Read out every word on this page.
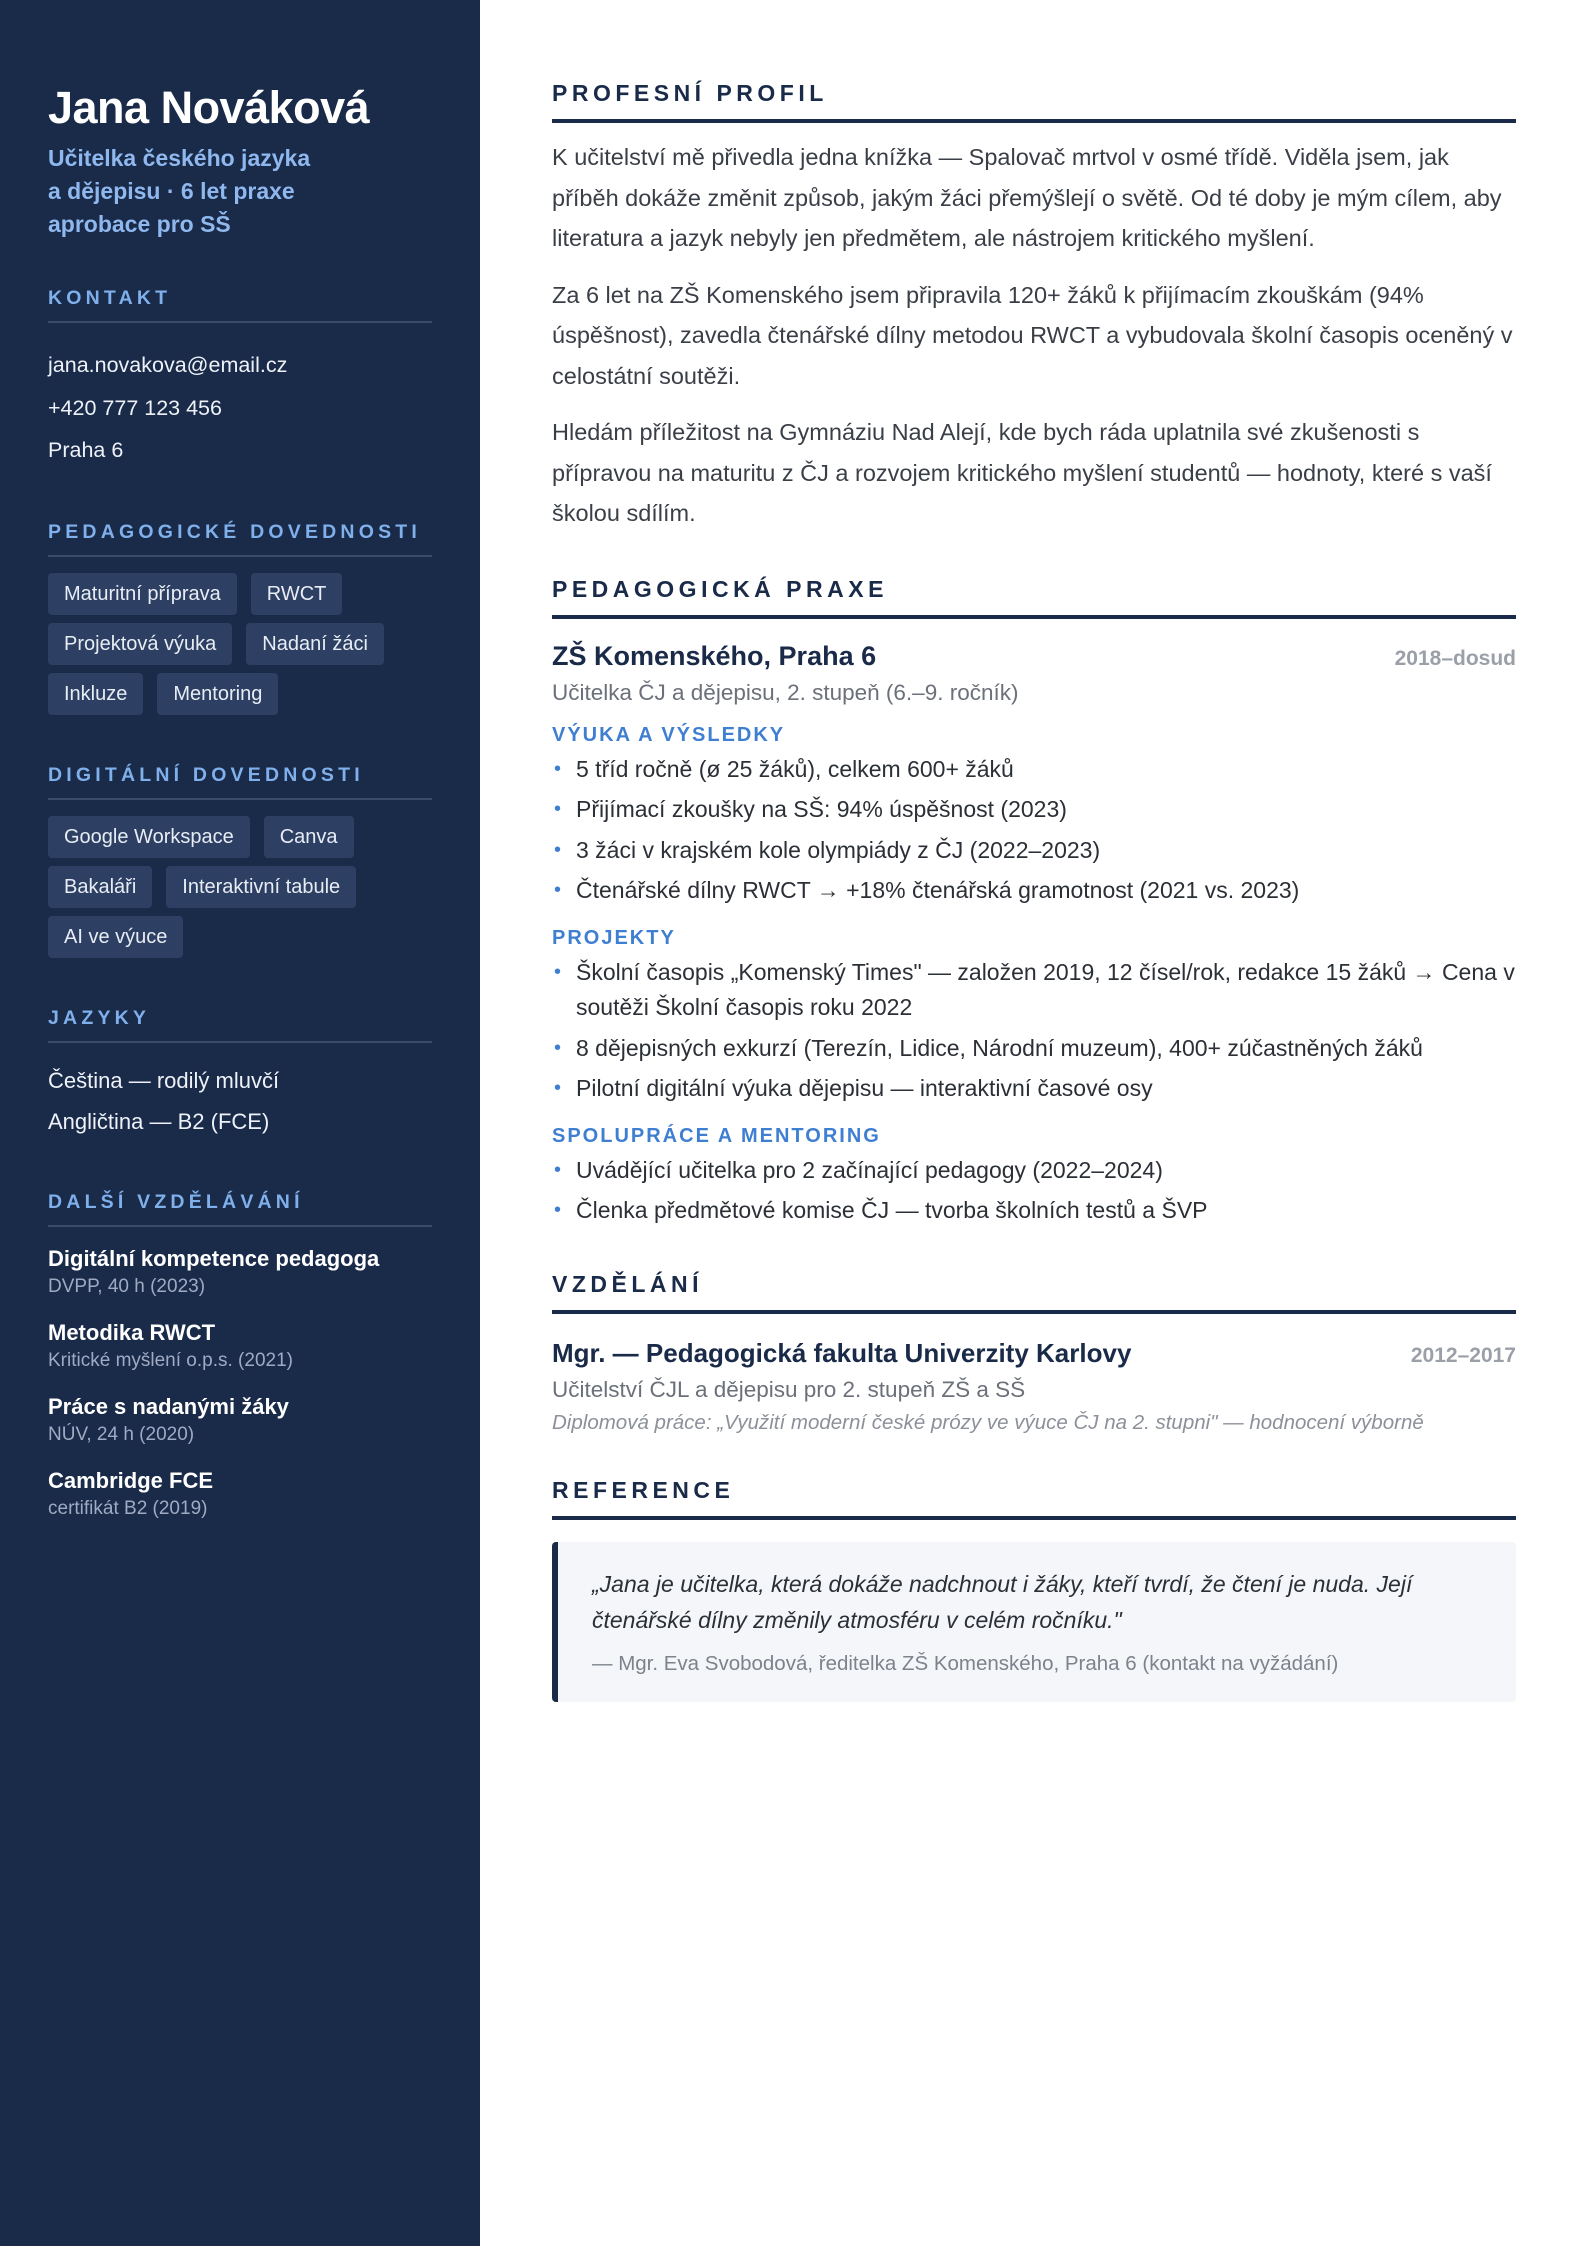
Jana Nováková
Učitelka českého jazyka
a dějepisu · 6 let praxe
aprobace pro SŠ
KONTAKT
jana.novakova@email.cz
+420 777 123 456
Praha 6
PEDAGOGICKÉ DOVEDNOSTI
Maturitní příprava	RWCT
Projektová výuka	Nadaní žáci
Inkluze	Mentoring
DIGITÁLNÍ DOVEDNOSTI
Google Workspace	Canva
Bakaláři	Interaktivní tabule
AI ve výuce
JAZYKY
Čeština — rodilý mluvčí
Angličtina — B2 (FCE)
DALŠÍ VZDĚLÁVÁNÍ
Digitální kompetence pedagoga
DVPP, 40 h (2023)
Metodika RWCT
Kritické myšlení o.p.s. (2021)
Práce s nadanými žáky
NÚV, 24 h (2020)
Cambridge FCE
certifikát B2 (2019)
PROFESNÍ PROFIL

K učitelství mě přivedla jedna knížka — Spalovač mrtvol v osmé třídě. Viděla jsem, jak příběh dokáže změnit způsob, jakým žáci přemýšlejí o světě. Od té doby je mým cílem, aby literatura a jazyk nebyly jen předmětem, ale nástrojem kritického myšlení.

Za 6 let na ZŠ Komenského jsem připravila 120+ žáků k přijímacím zkouškám (94% úspěšnost), zavedla čtenářské dílny metodou RWCT a vybudovala školní časopis oceněný v celostátní soutěži.

Hledám příležitost na Gymnáziu Nad Alejí, kde bych ráda uplatnila své zkušenosti s přípravou na maturitu z ČJ a rozvojem kritického myšlení studentů — hodnoty, které s vaší školou sdílím.

PEDAGOGICKÁ PRAXE
ZŠ Komenského, Praha 6	2018–dosud
Učitelka ČJ a dějepisu, 2. stupeň (6.–9. ročník)
VÝUKA A VÝSLEDKY
• 5 tříd ročně (ø 25 žáků), celkem 600+ žáků
• Přijímací zkoušky na SŠ: 94% úspěšnost (2023)
• 3 žáci v krajském kole olympiády z ČJ (2022–2023)
• Čtenářské dílny RWCT → +18% čtenářská gramotnost (2021 vs. 2023)
PROJEKTY
• Školní časopis „Komenský Times" — založen 2019, 12 čísel/rok, redakce 15 žáků → Cena v soutěži Školní časopis roku 2022
• 8 dějepisných exkurzí (Terezín, Lidice, Národní muzeum), 400+ zúčastněných žáků
• Pilotní digitální výuka dějepisu — interaktivní časové osy
SPOLUPRÁCE A MENTORING
• Uvádějící učitelka pro 2 začínající pedagogy (2022–2024)
• Členka předmětové komise ČJ — tvorba školních testů a ŠVP
VZDĚLÁNÍ
Mgr. — Pedagogická fakulta Univerzity Karlovy	2012–2017
Učitelství ČJL a dějepisu pro 2. stupeň ZŠ a SŠ
Diplomová práce: „Využití moderní české prózy ve výuce ČJ na 2. stupni" — hodnocení výborně
REFERENCE
„Jana je učitelka, která dokáže nadchnout i žáky, kteří tvrdí, že čtení je nuda. Její čtenářské dílny změnily atmosféru v celém ročníku."
— Mgr. Eva Svobodová, ředitelka ZŠ Komenského, Praha 6 (kontakt na vyžádání)
